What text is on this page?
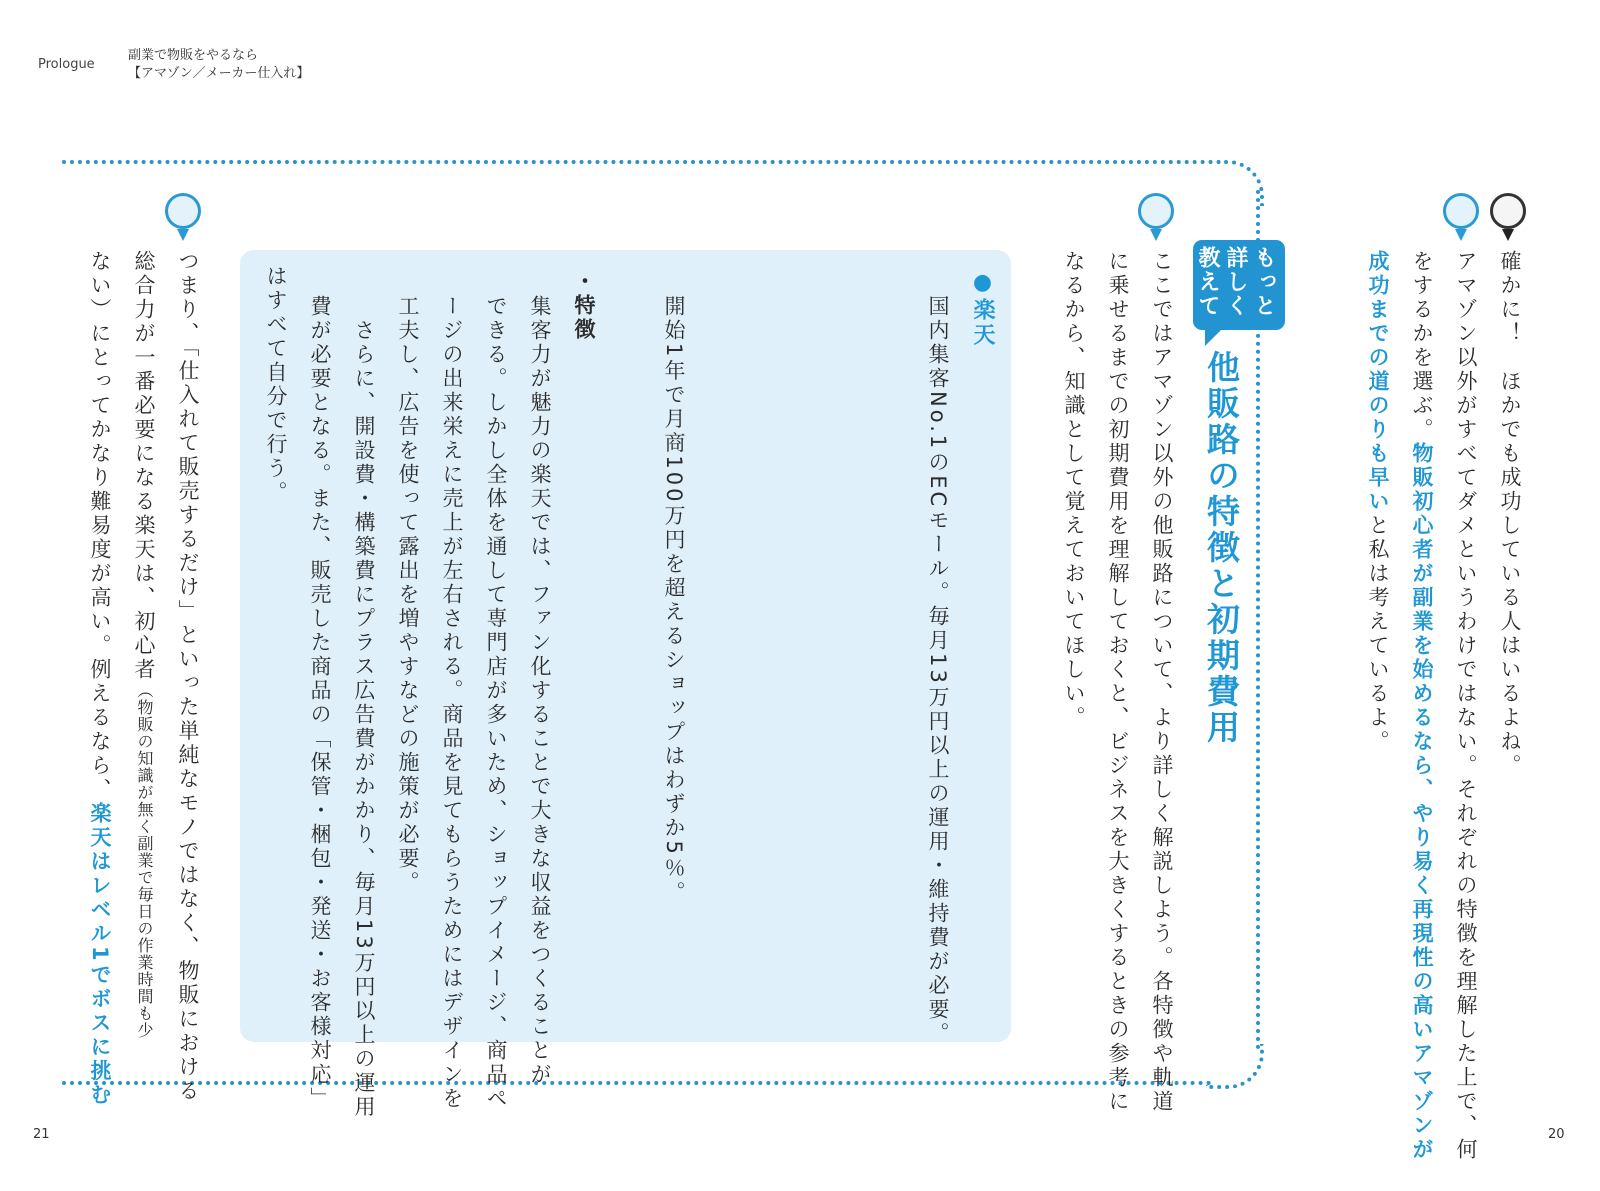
Prologue
副業で物販をやるなら
【アマゾン／メーカー仕入れ】
21	20
確かに！　ほかでも成功している人はいるよね。
アマゾン以外がすべてダメというわけではない。それぞれの特徴を理解した上で、何
をするかを選ぶ。物販初心者が副業を始めるなら、やり易く再現性の高いアマゾンが
成功までの道のりも早いと私は考えているよ。
もっと
詳しく
教えて
他販路の特徴と初期費用
ここではアマゾン以外の他販路について、より詳しく解説しよう。各特徴や軌道
に乗せるまでの初期費用を理解しておくと、ビジネスを大きくするときの参考に
なるから、知識として覚えておいてほしい。
●楽天
国内集客No.1のECモール。毎月13万円以上の運用・維持費が必要。
開始1年で月商100万円を超えるショップはわずか5％。
・特徴
集客力が魅力の楽天では、ファン化することで大きな収益をつくることが
できる。しかし全体を通して専門店が多いため、ショップイメージ、商品ペ
ージの出来栄えに売上が左右される。商品を見てもらうためにはデザインを
工夫し、広告を使って露出を増やすなどの施策が必要。
　さらに、開設費・構築費にプラス広告費がかかり、毎月13万円以上の運用
費が必要となる。また、販売した商品の「保管・梱包・発送・お客様対応」
はすべて自分で行う。
つまり、「仕入れて販売するだけ」といった単純なモノではなく、物販における
総合力が一番必要になる楽天は、初心者（物販の知識が無く副業で毎日の作業時間も少
ない）にとってかなり難易度が高い。例えるなら、楽天はレベル1でボスに挑む
